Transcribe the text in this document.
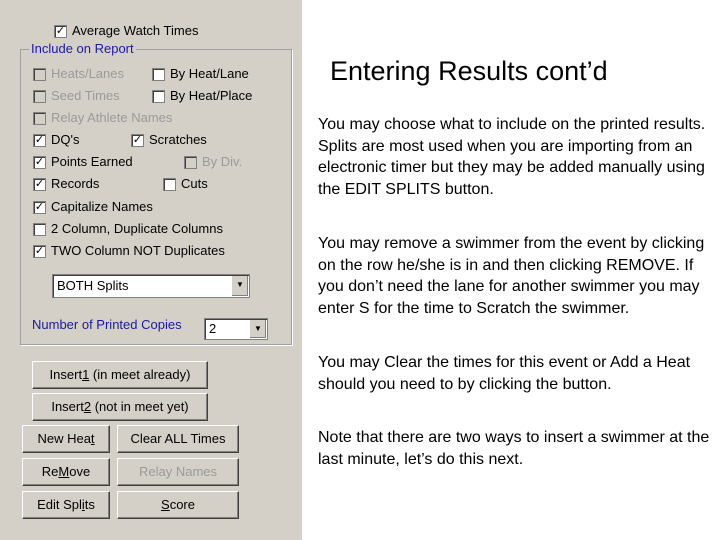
✓ Average Watch Times
Include on Report
Heats/Lanes	By Heat/Lane
Seed Times	By Heat/Place
Relay Athlete Names
✓ DQ's	✓ Scratches
✓ Points Earned	By Div.
✓ Records	Cuts
✓ Capitalize Names
2 Column, Duplicate Columns
✓ TWO Column NOT Duplicates
BOTH Splits	▼
Number of Printed Copies	2	▼
Insert1 (in meet already)
Insert2 (not in meet yet)
New Heat	Clear ALL Times
ReMove	Relay Names
Edit Splits	Score
Entering Results cont’d

You may choose what to include on the printed results. Splits are most used when you are importing from an electronic timer but they may be added manually using the EDIT SPLITS button.

You may remove a swimmer from the event by clicking on the row he/she is in and then clicking REMOVE. If you don’t need the lane for another swimmer you may enter S for the time to Scratch the swimmer.

You may Clear the times for this event or Add a Heat should you need to by clicking the button.

Note that there are two ways to insert a swimmer at the last minute, let’s do this next.
